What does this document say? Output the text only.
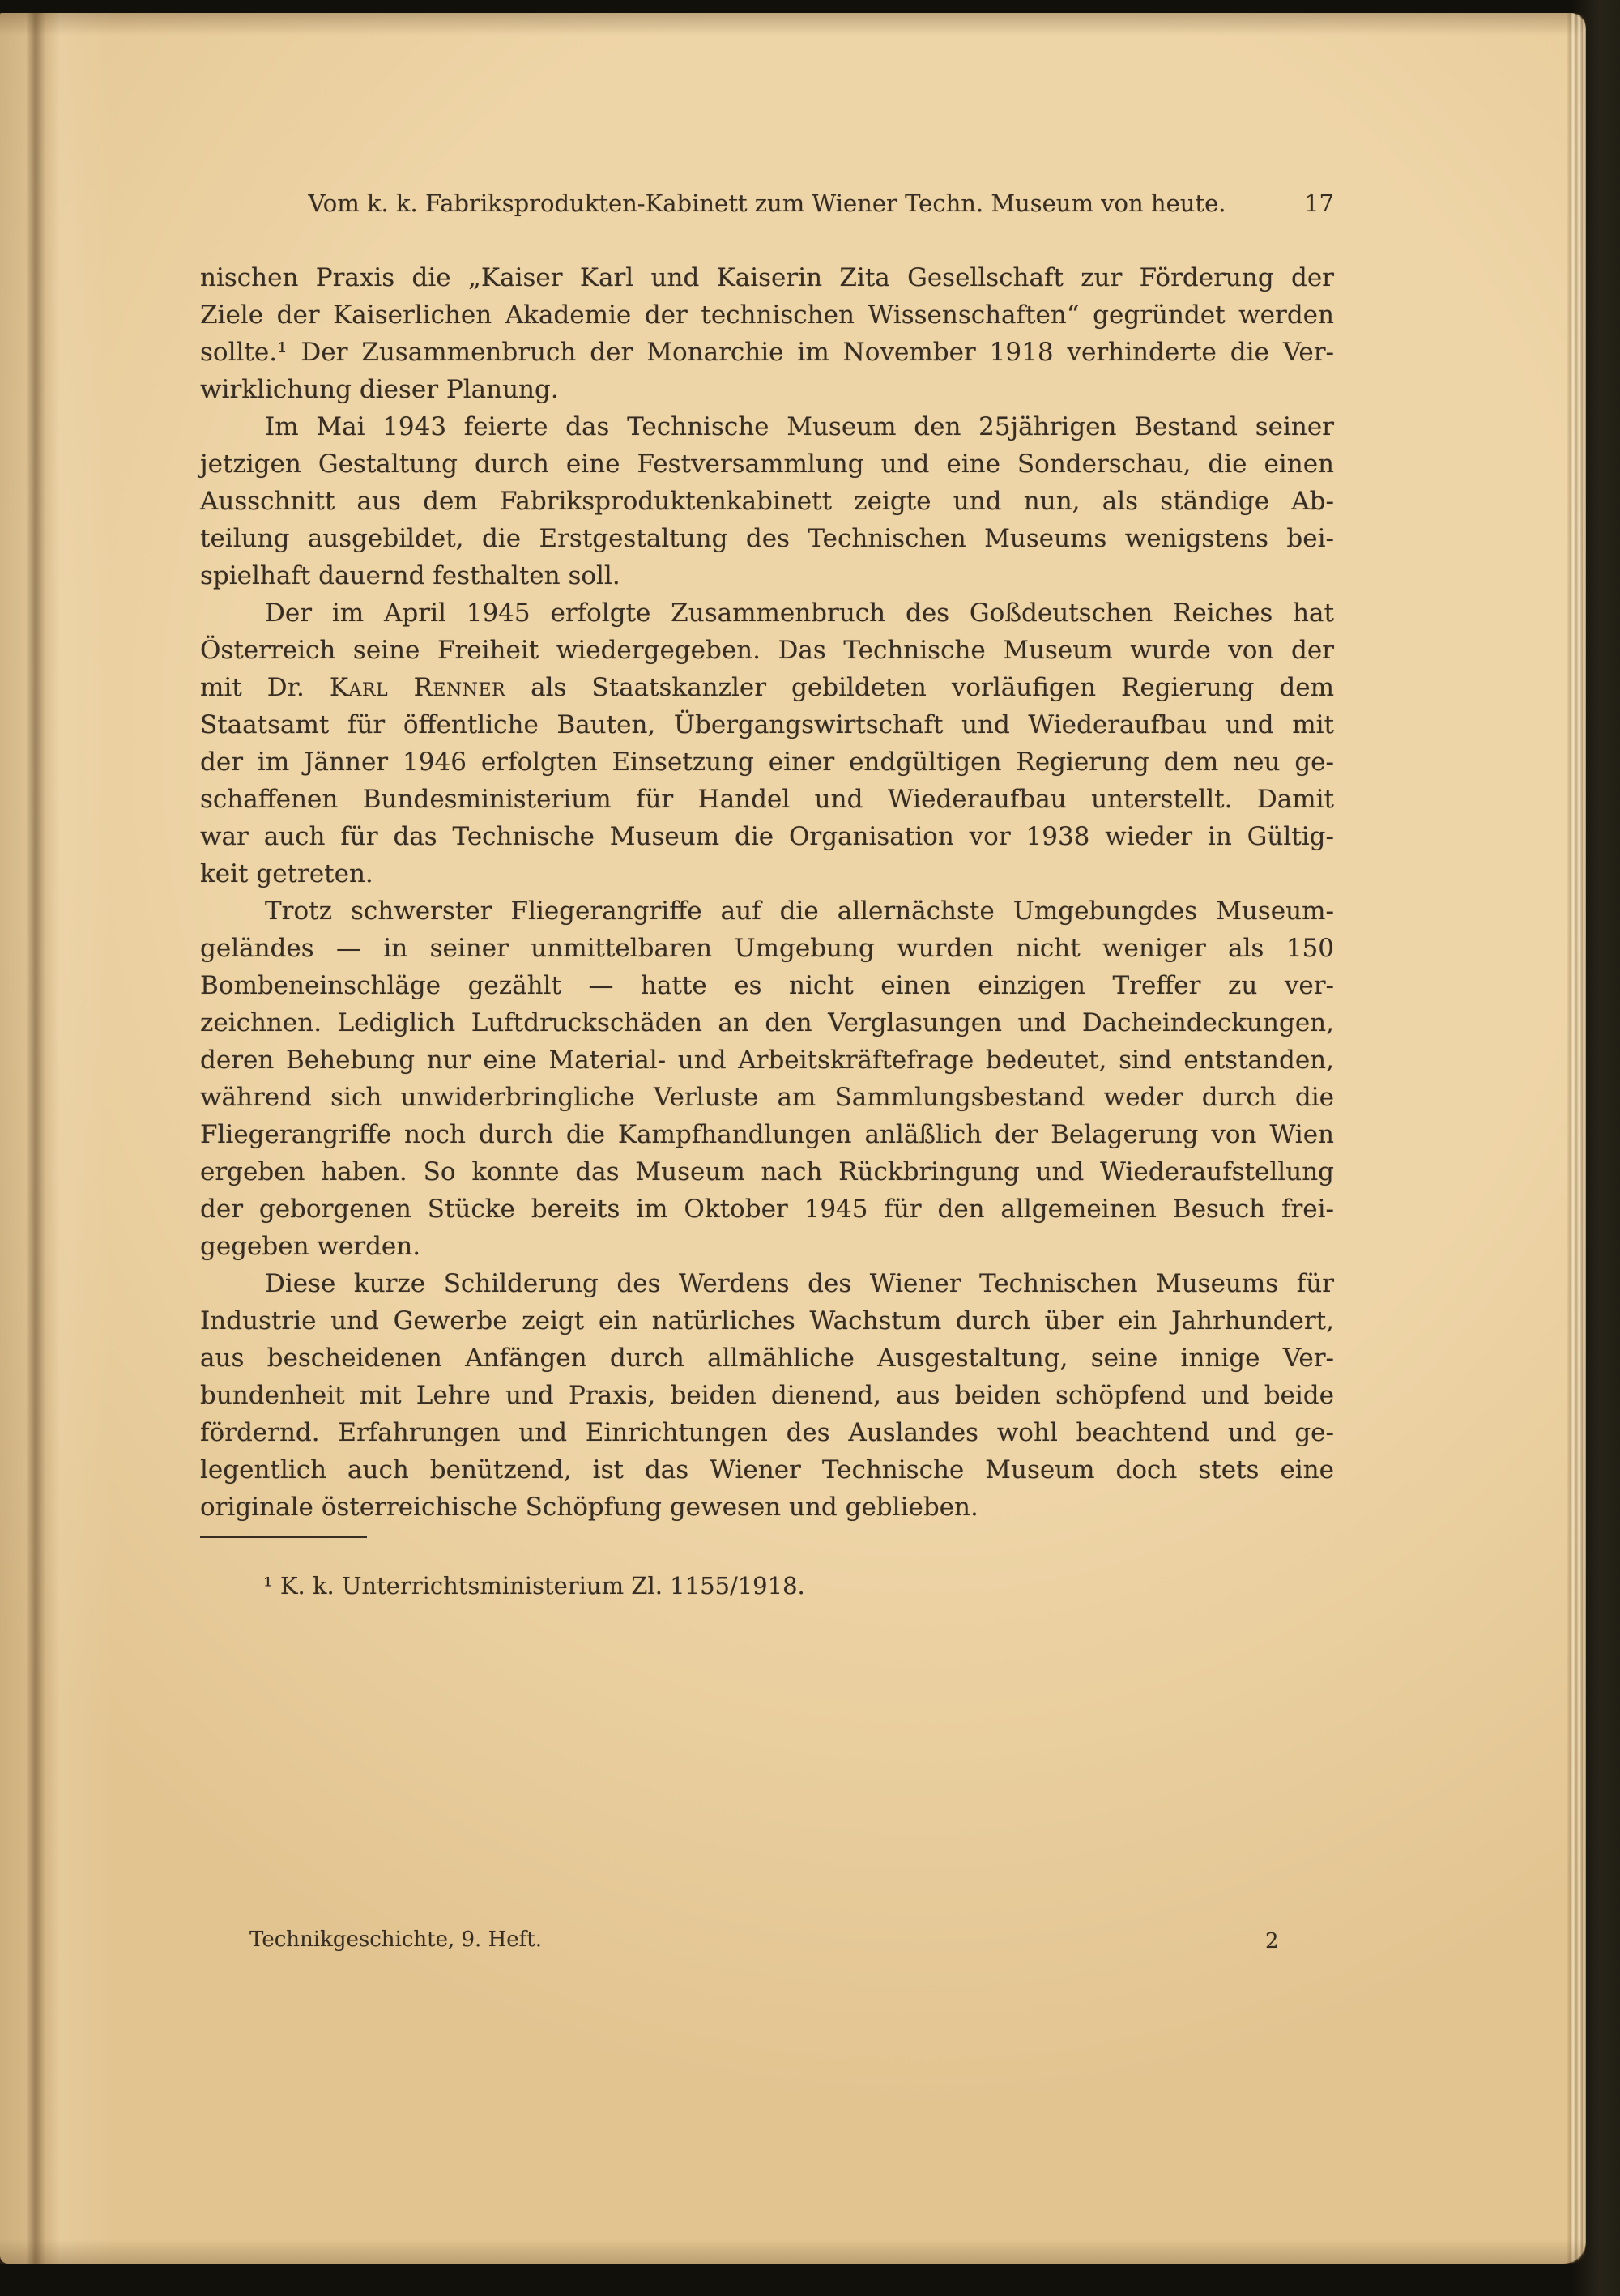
Vom k. k. Fabriksprodukten-Kabinett zum Wiener Techn. Museum von heute.	17
nischen Praxis die „Kaiser Karl und Kaiserin Zita Gesellschaft zur Förderung der
Ziele der Kaiserlichen Akademie der technischen Wissenschaften“ gegründet werden
sollte.¹ Der Zusammenbruch der Monarchie im November 1918 verhinderte die Ver-
wirklichung dieser Planung.
Im Mai 1943 feierte das Technische Museum den 25jährigen Bestand seiner
jetzigen Gestaltung durch eine Festversammlung und eine Sonderschau, die einen
Ausschnitt aus dem Fabriksproduktenkabinett zeigte und nun, als ständige Ab-
teilung ausgebildet, die Erstgestaltung des Technischen Museums wenigstens bei-
spielhaft dauernd festhalten soll.
Der im April 1945 erfolgte Zusammenbruch des Goßdeutschen Reiches hat
Österreich seine Freiheit wiedergegeben. Das Technische Museum wurde von der
mit Dr. Karl Renner als Staatskanzler gebildeten vorläufigen Regierung dem
Staatsamt für öffentliche Bauten, Übergangswirtschaft und Wiederaufbau und mit
der im Jänner 1946 erfolgten Einsetzung einer endgültigen Regierung dem neu ge-
schaffenen Bundesministerium für Handel und Wiederaufbau unterstellt. Damit
war auch für das Technische Museum die Organisation vor 1938 wieder in Gültig-
keit getreten.
Trotz schwerster Fliegerangriffe auf die allernächste Umgebungdes Museum-
geländes — in seiner unmittelbaren Umgebung wurden nicht weniger als 150
Bombeneinschläge gezählt — hatte es nicht einen einzigen Treffer zu ver-
zeichnen. Lediglich Luftdruckschäden an den Verglasungen und Dacheindeckungen,
deren Behebung nur eine Material- und Arbeitskräftefrage bedeutet, sind entstanden,
während sich unwiderbringliche Verluste am Sammlungsbestand weder durch die
Fliegerangriffe noch durch die Kampfhandlungen anläßlich der Belagerung von Wien
ergeben haben. So konnte das Museum nach Rückbringung und Wiederaufstellung
der geborgenen Stücke bereits im Oktober 1945 für den allgemeinen Besuch frei-
gegeben werden.
Diese kurze Schilderung des Werdens des Wiener Technischen Museums für
Industrie und Gewerbe zeigt ein natürliches Wachstum durch über ein Jahrhundert,
aus bescheidenen Anfängen durch allmähliche Ausgestaltung, seine innige Ver-
bundenheit mit Lehre und Praxis, beiden dienend, aus beiden schöpfend und beide
fördernd. Erfahrungen und Einrichtungen des Auslandes wohl beachtend und ge-
legentlich auch benützend, ist das Wiener Technische Museum doch stets eine
originale österreichische Schöpfung gewesen und geblieben.
¹ K. k. Unterrichtsministerium Zl. 1155/1918.
Technikgeschichte, 9. Heft.	2
